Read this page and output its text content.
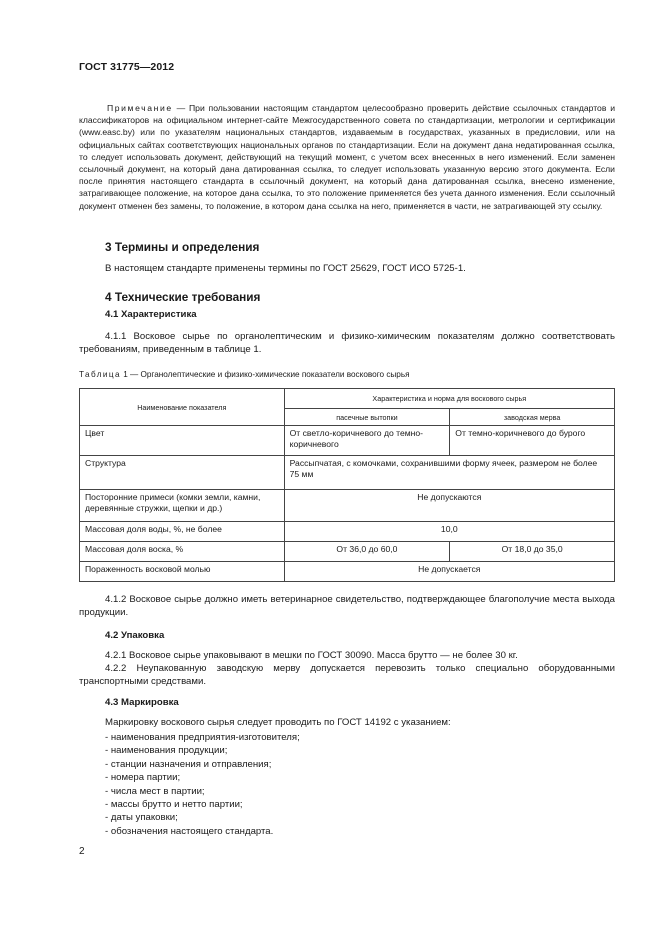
ГОСТ 31775—2012
Примечание — При пользовании настоящим стандартом целесообразно проверить действие ссылочных стандартов и классификаторов на официальном интернет-сайте Межгосударственного совета по стандартизации, метрологии и сертификации (www.easc.by) или по указателям национальных стандартов, издаваемым в государствах, указанных в предисловии, или на официальных сайтах соответствующих национальных органов по стандартизации. Если на документ дана недатированная ссылка, то следует использовать документ, действующий на текущий момент, с учетом всех внесенных в него изменений. Если заменен ссылочный документ, на который дана датированная ссылка, то следует использовать указанную версию этого документа. Если после принятия настоящего стандарта в ссылочный документ, на который дана датированная ссылка, внесено изменение, затрагивающее положение, на которое дана ссылка, то это положение применяется без учета данного изменения. Если ссылочный документ отменен без замены, то положение, в котором дана ссылка на него, применяется в части, не затрагивающей эту ссылку.
3 Термины и определения
В настоящем стандарте применены термины по ГОСТ 25629, ГОСТ ИСО 5725-1.
4 Технические требования
4.1 Характеристика
4.1.1 Восковое сырье по органолептическим и физико-химическим показателям должно соответствовать требованиям, приведенным в таблице 1.
Таблица 1 — Органолептические и физико-химические показатели воскового сырья
Наименование показателя	Характеристика и норма для воскового сырья	
	пасечные вытопки	заводская мерва
Цвет	От светло-коричневого до темно-коричневого	От темно-коричневого до бурого
Структура	Рассыпчатая, с комочками, сохранившими форму ячеек, размером не более 75 мм	
Посторонние примеси (комки земли, камни, деревянные стружки, щепки и др.)	Не допускаются	
Массовая доля воды, %, не более	10,0	
Массовая доля воска, %	От 36,0 до 60,0	От 18,0 до 35,0
Пораженность восковой молью	Не допускается	
4.1.2 Восковое сырье должно иметь ветеринарное свидетельство, подтверждающее благополучие места выхода продукции.
4.2 Упаковка
4.2.1 Восковое сырье упаковывают в мешки по ГОСТ 30090. Масса брутто — не более 30 кг.
4.2.2 Неупакованную заводскую мерву допускается перевозить только специально оборудованными транспортными средствами.
4.3 Маркировка
Маркировку воскового сырья следует проводить по ГОСТ 14192 с указанием:
- наименования предприятия-изготовителя;
- наименования продукции;
- станции назначения и отправления;
- номера партии;
- числа мест в партии;
- массы брутто и нетто партии;
- даты упаковки;
- обозначения настоящего стандарта.
2
